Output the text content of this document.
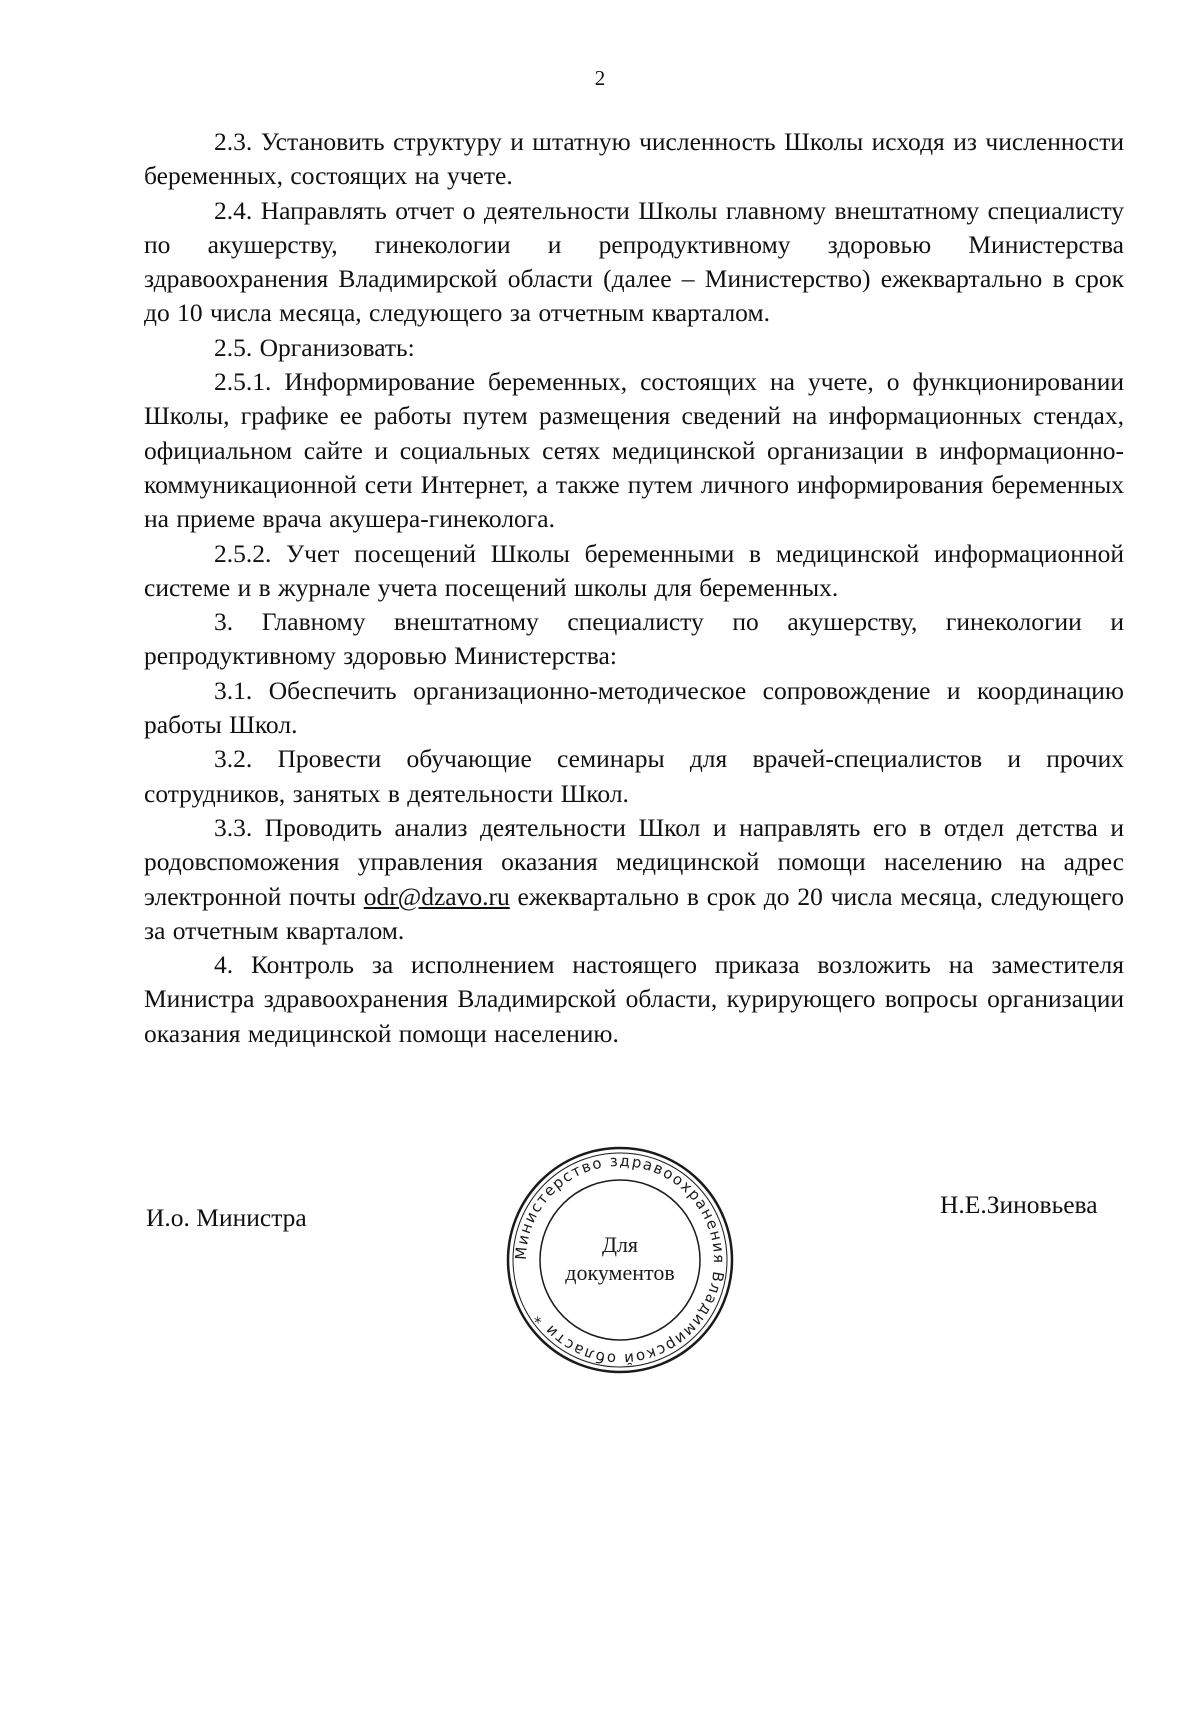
2

2.3. Установить структуру и штатную численность Школы исходя из численности беременных, состоящих на учете.

2.4. Направлять отчет о деятельности Школы главному внештатному специалисту по акушерству, гинекологии и репродуктивному здоровью Министерства здравоохранения Владимирской области (далее – Министерство) ежеквартально в срок до 10 числа месяца, следующего за отчетным кварталом.

2.5. Организовать:

2.5.1. Информирование беременных, состоящих на учете, о функционировании Школы, графике ее работы путем размещения сведений на информационных стендах, официальном сайте и социальных сетях медицинской организации в информационно-коммуникационной сети Интернет, а также путем личного информирования беременных на приеме врача акушера-гинеколога.

2.5.2. Учет посещений Школы беременными в медицинской информационной системе и в журнале учета посещений школы для беременных.

3. Главному внештатному специалисту по акушерству, гинекологии и репродуктивному здоровью Министерства:

3.1. Обеспечить организационно-методическое сопровождение и координацию работы Школ.

3.2. Провести обучающие семинары для врачей-специалистов и прочих сотрудников, занятых в деятельности Школ.

3.3. Проводить анализ деятельности Школ и направлять его в отдел детства и родовспоможения управления оказания медицинской помощи населению на адрес электронной почты odr@dzavo.ru ежеквартально в срок до 20 числа месяца, следующего за отчетным кварталом.

4. Контроль за исполнением настоящего приказа возложить на заместителя Министра здравоохранения Владимирской области, курирующего вопросы организации оказания медицинской помощи населению.

И.о. Министра	Н.Е.Зиновьева
Министерство здравоохранения Владимирской области *
Для
документов
